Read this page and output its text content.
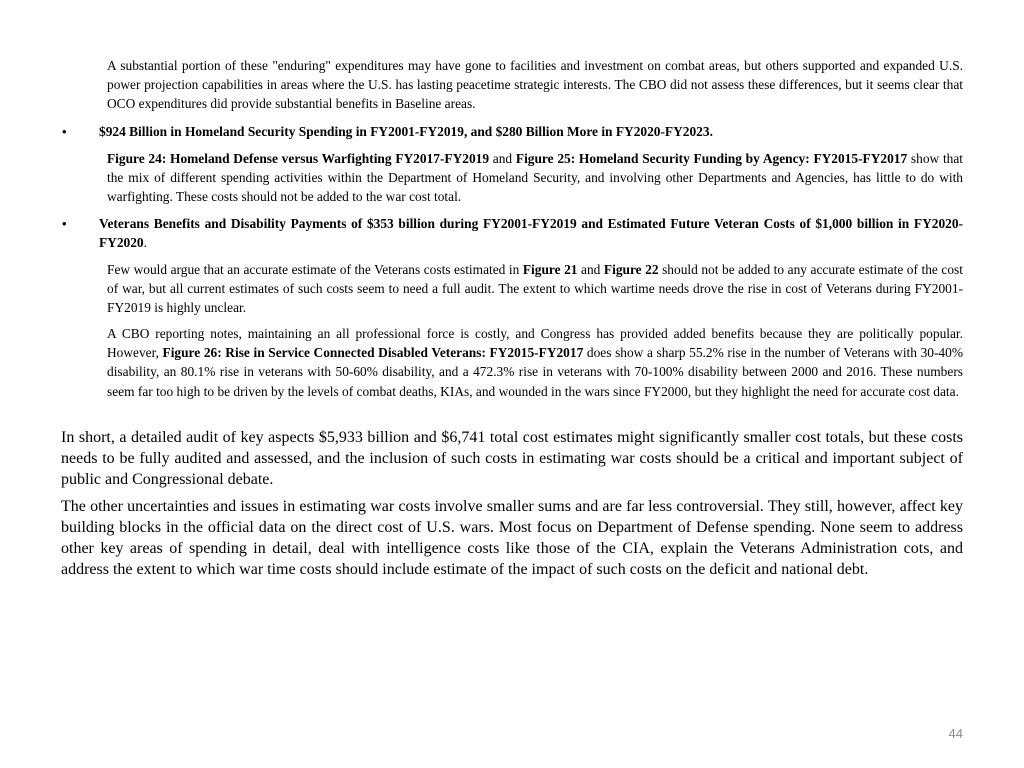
A substantial portion of these "enduring" expenditures may have gone to facilities and investment on combat areas, but others supported and expanded U.S. power projection capabilities in areas where the U.S. has lasting peacetime strategic interests. The CBO did not assess these differences, but it seems clear that OCO expenditures did provide substantial benefits in Baseline areas.

•	$924 Billion in Homeland Security Spending in FY2001-FY2019, and $280 Billion More in FY2020-FY2023.

Figure 24: Homeland Defense versus Warfighting FY2017-FY2019 and Figure 25: Homeland Security Funding by Agency: FY2015-FY2017 show that the mix of different spending activities within the Department of Homeland Security, and involving other Departments and Agencies, has little to do with warfighting. These costs should not be added to the war cost total.

•	Veterans Benefits and Disability Payments of $353 billion during FY2001-FY2019 and Estimated Future Veteran Costs of $1,000 billion in FY2020-FY2020.

Few would argue that an accurate estimate of the Veterans costs estimated in Figure 21 and Figure 22 should not be added to any accurate estimate of the cost of war, but all current estimates of such costs seem to need a full audit. The extent to which wartime needs drove the rise in cost of Veterans during FY2001-FY2019 is highly unclear.

A CBO reporting notes, maintaining an all professional force is costly, and Congress has provided added benefits because they are politically popular. However, Figure 26: Rise in Service Connected Disabled Veterans: FY2015-FY2017 does show a sharp 55.2% rise in the number of Veterans with 30-40% disability, an 80.1% rise in veterans with 50-60% disability, and a 472.3% rise in veterans with 70-100% disability between 2000 and 2016. These numbers seem far too high to be driven by the levels of combat deaths, KIAs, and wounded in the wars since FY2000, but they highlight the need for accurate cost data.

In short, a detailed audit of key aspects $5,933 billion and $6,741 total cost estimates might significantly smaller cost totals, but these costs needs to be fully audited and assessed, and the inclusion of such costs in estimating war costs should be a critical and important subject of public and Congressional debate.

The other uncertainties and issues in estimating war costs involve smaller sums and are far less controversial. They still, however, affect key building blocks in the official data on the direct cost of U.S. wars. Most focus on Department of Defense spending. None seem to address other key areas of spending in detail, deal with intelligence costs like those of the CIA, explain the Veterans Administration cots, and address the extent to which war time costs should include estimate of the impact of such costs on the deficit and national debt.

44
